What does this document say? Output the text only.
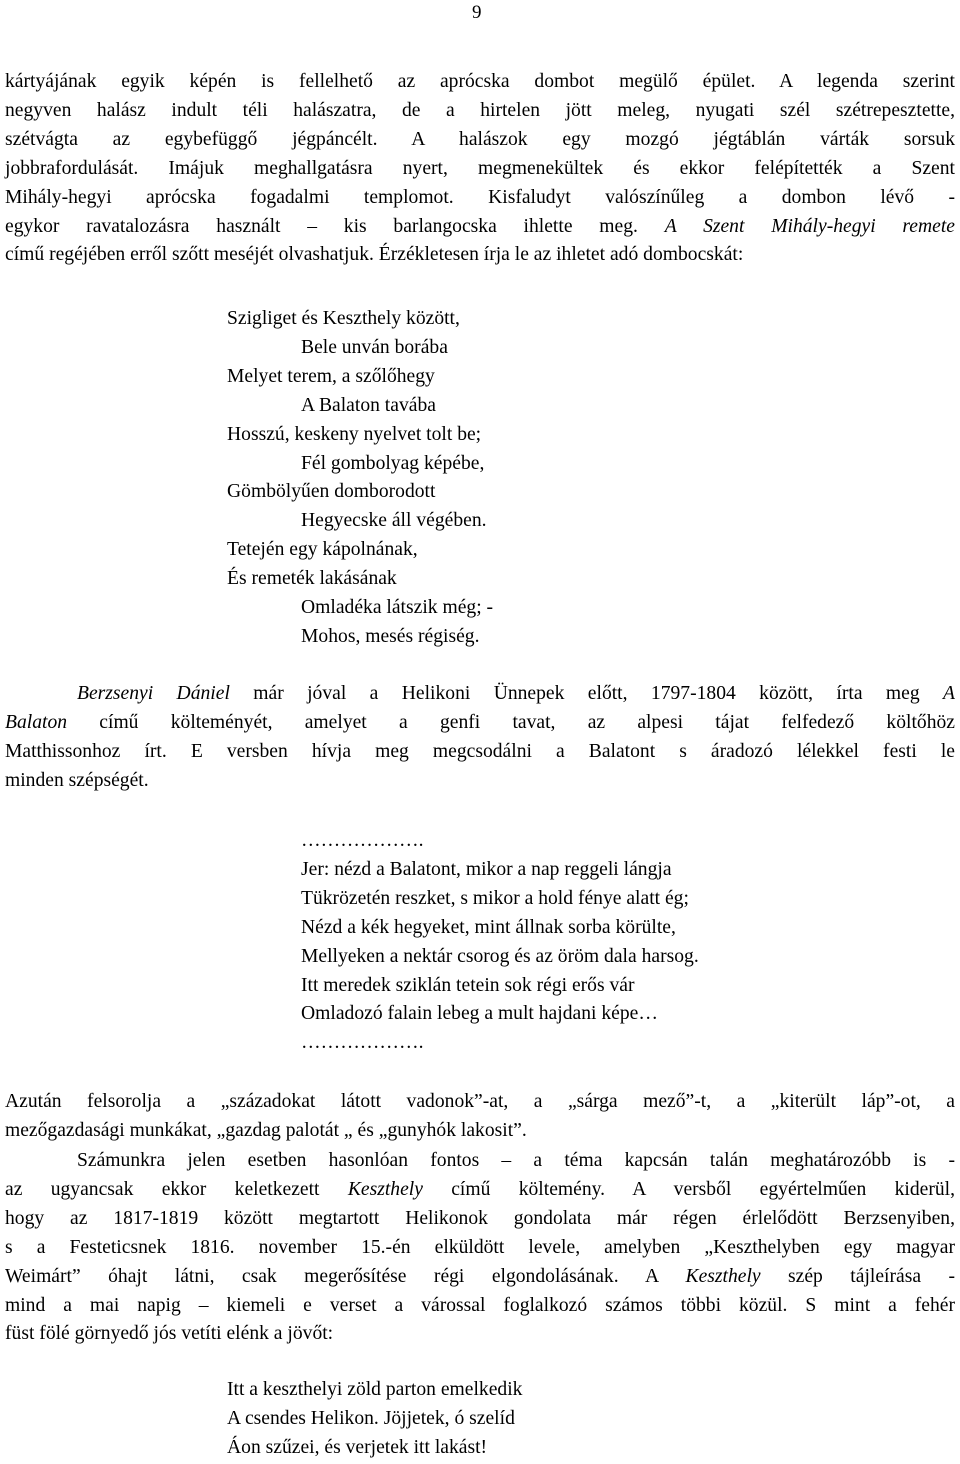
9
kártyájának egyik képén is fellelhető az aprócska dombot megülő épület. A legenda szerint
negyven halász indult téli halászatra, de a hirtelen jött meleg, nyugati szél szétrepesztette,
szétvágta az egybefüggő jégpáncélt. A halászok egy mozgó jégtáblán várták sorsuk
jobbrafordulását. Imájuk meghallgatásra nyert, megmenekültek és ekkor felépítették a Szent
Mihály-hegyi aprócska fogadalmi templomot. Kisfaludyt valószínűleg a dombon lévő -
egykor ravatalozásra használt – kis barlangocska ihlette meg. A Szent Mihály-hegyi remete
című regéjében erről szőtt meséjét olvashatjuk. Érzékletesen írja le az ihletet adó dombocskát:
Szigliget és Keszthely között,
Bele unván borába
Melyet terem, a szőlőhegy
A Balaton tavába
Hosszú, keskeny nyelvet tolt be;
Fél gombolyag képébe,
Gömbölyűen domborodott
Hegyecske áll végében.
Tetején egy kápolnának,
És remeték lakásának
Omladéka látszik még; -
Mohos, mesés régiség.
Berzsenyi Dániel már jóval a Helikoni Ünnepek előtt, 1797-1804 között, írta meg A
Balaton című költeményét, amelyet a genfi tavat, az alpesi tájat felfedező költőhöz
Matthissonhoz írt. E versben hívja meg megcsodálni a Balatont s áradozó lélekkel festi le
minden szépségét.
……………….
Jer: nézd a Balatont, mikor a nap reggeli lángja
Tükrözetén reszket, s mikor a hold fénye alatt ég;
Nézd a kék hegyeket, mint állnak sorba körülte,
Mellyeken a nektár csorog és az öröm dala harsog.
Itt meredek sziklán tetein sok régi erős vár
Omladozó falain lebeg a mult hajdani képe…
……………….
Azután felsorolja a „századokat látott vadonok”-at, a „sárga mező”-t, a „kiterült láp”-ot, a
mezőgazdasági munkákat, „gazdag palotát „ és „gunyhók lakosit”.
Számunkra jelen esetben hasonlóan fontos – a téma kapcsán talán meghatározóbb is -
az ugyancsak ekkor keletkezett Keszthely című költemény. A versből egyértelműen kiderül,
hogy az 1817-1819 között megtartott Helikonok gondolata már régen érlelődött Berzsenyiben,
s a Festeticsnek 1816. november 15.-én elküldött levele, amelyben „Keszthelyben egy magyar
Weimárt” óhajt látni, csak megerősítése régi elgondolásának. A Keszthely szép tájleírása -
mind a mai napig – kiemeli e verset a várossal foglalkozó számos többi közül. S mint a fehér
füst fölé görnyedő jós vetíti elénk a jövőt:
Itt a keszthelyi zöld parton emelkedik
A csendes Helikon. Jöjjetek, ó szelíd
Áon szűzei, és verjetek itt lakást!
